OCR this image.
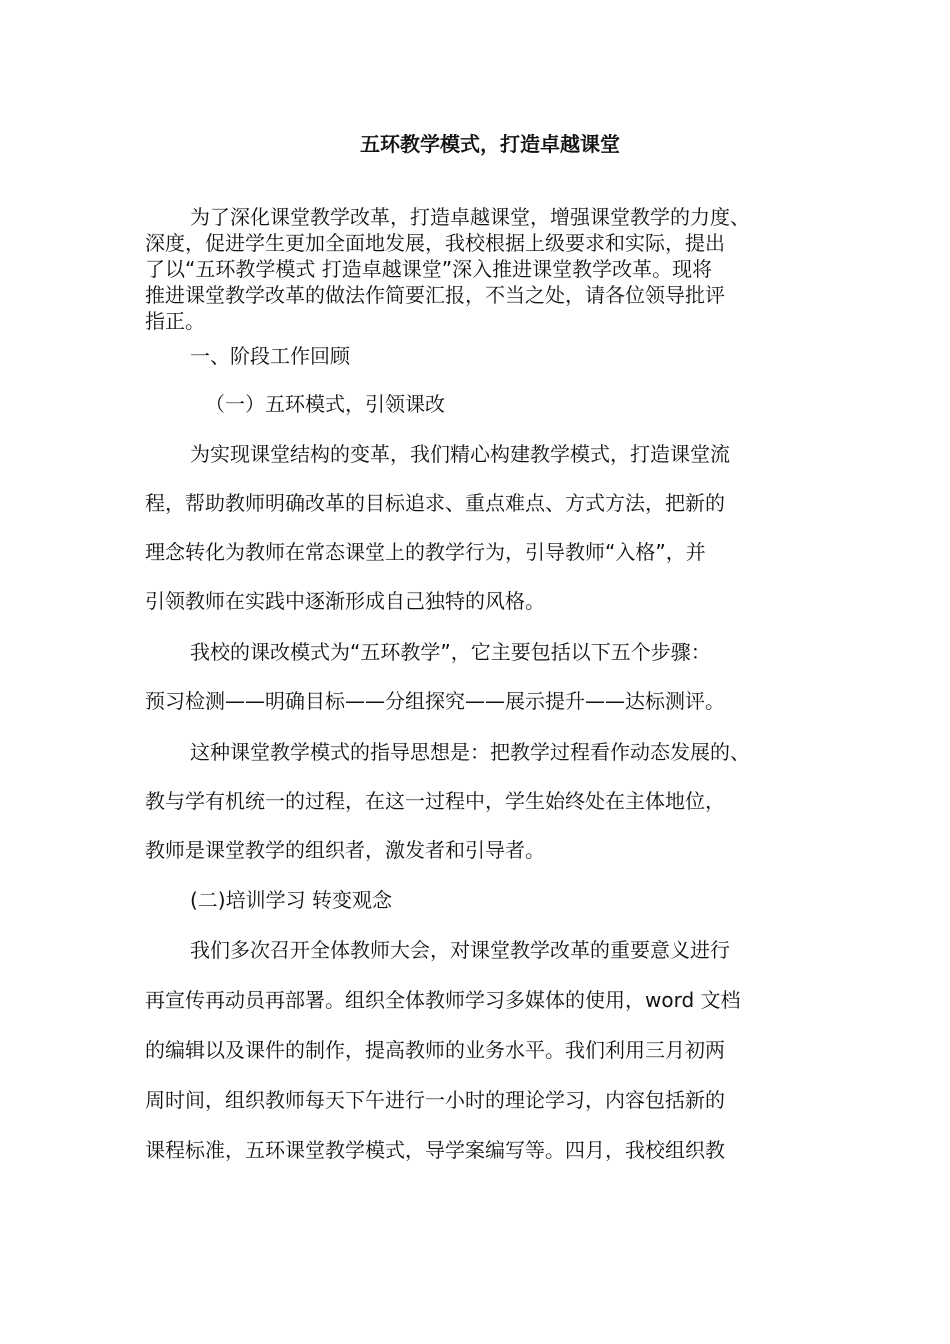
五环教学模式，打造卓越课堂
为了深化课堂教学改革，打造卓越课堂，增强课堂教学的力度、
深度，促进学生更加全面地发展，我校根据上级要求和实际，提出
了以“五环教学模式 打造卓越课堂”深入推进课堂教学改革。现将
推进课堂教学改革的做法作简要汇报，不当之处，请各位领导批评
指正。
一、阶段工作回顾
（一）五环模式，引领课改
为实现课堂结构的变革，我们精心构建教学模式，打造课堂流
程，帮助教师明确改革的目标追求、重点难点、方式方法，把新的
理念转化为教师在常态课堂上的教学行为，引导教师“入格”，并
引领教师在实践中逐渐形成自己独特的风格。
我校的课改模式为“五环教学”，它主要包括以下五个步骤：
预习检测——明确目标——分组探究——展示提升——达标测评。
这种课堂教学模式的指导思想是：把教学过程看作动态发展的、
教与学有机统一的过程，在这一过程中，学生始终处在主体地位，
教师是课堂教学的组织者，激发者和引导者。
(二)培训学习 转变观念
我们多次召开全体教师大会，对课堂教学改革的重要意义进行
再宣传再动员再部署。组织全体教师学习多媒体的使用，word 文档
的编辑以及课件的制作，提高教师的业务水平。我们利用三月初两
周时间，组织教师每天下午进行一小时的理论学习，内容包括新的
课程标准，五环课堂教学模式，导学案编写等。四月，我校组织教
